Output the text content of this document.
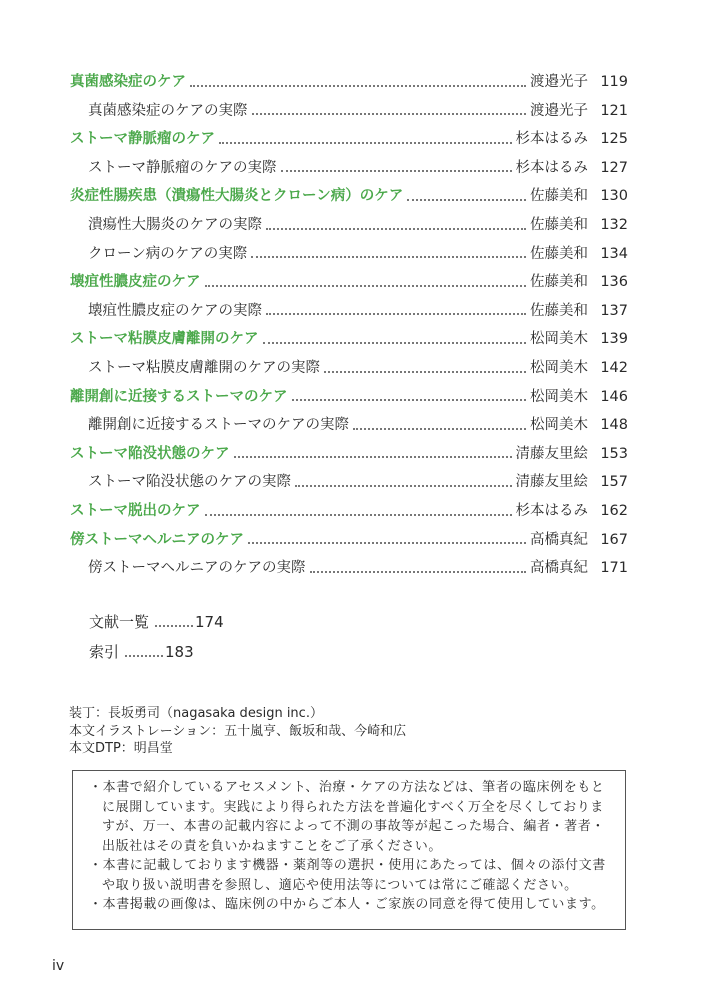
真菌感染症のケア	渡邉光子 119
真菌感染症のケアの実際	渡邉光子 121
ストーマ静脈瘤のケア	杉本はるみ 125
ストーマ静脈瘤のケアの実際	杉本はるみ 127
炎症性腸疾患（潰瘍性大腸炎とクローン病）のケア	佐藤美和 130
潰瘍性大腸炎のケアの実際	佐藤美和 132
クローン病のケアの実際	佐藤美和 134
壊疽性膿皮症のケア	佐藤美和 136
壊疽性膿皮症のケアの実際	佐藤美和 137
ストーマ粘膜皮膚離開のケア	松岡美木 139
ストーマ粘膜皮膚離開のケアの実際	松岡美木 142
離開創に近接するストーマのケア	松岡美木 146
離開創に近接するストーマのケアの実際	松岡美木 148
ストーマ陥没状態のケア	清藤友里絵 153
ストーマ陥没状態のケアの実際	清藤友里絵 157
ストーマ脱出のケア	杉本はるみ 162
傍ストーマヘルニアのケア	高橋真紀 167
傍ストーマヘルニアのケアの実際	高橋真紀 171
文献一覧	174
索引	183
装丁：長坂勇司（nagasaka design inc.）
本文イラストレーション：五十嵐亨、飯坂和哉、今崎和広
本文DTP：明昌堂
・ 本書で紹介しているアセスメント、治療・ケアの方法などは、筆者の臨床例をもとに展開しています。実践により得られた方法を普遍化すべく万全を尽くしておりますが、万一、本書の記載内容によって不測の事故等が起こった場合、編者・著者・出版社はその責を負いかねますことをご了承ください。
・ 本書に記載しております機器・薬剤等の選択・使用にあたっては、個々の添付文書や取り扱い説明書を参照し、適応や使用法等については常にご確認ください。
・ 本書掲載の画像は、臨床例の中からご本人・ご家族の同意を得て使用しています。
iv
